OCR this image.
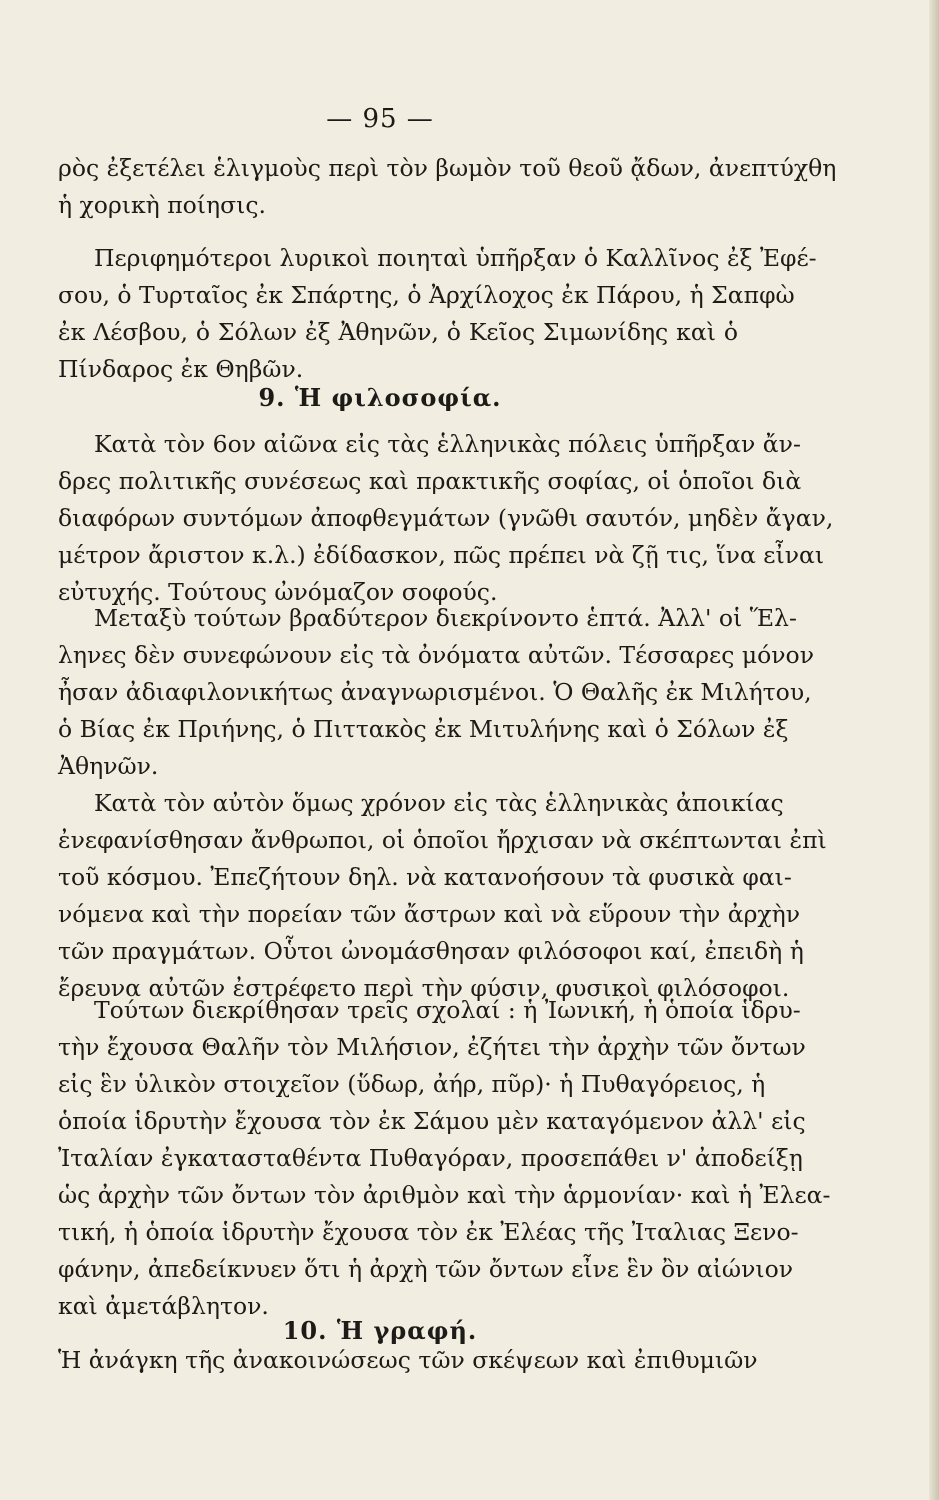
— 95 —
ρὸς ἐξετέλει ἑλιγμοὺς περὶ τὸν βωμὸν τοῦ θεοῦ ᾄδων, ἀνεπτύχθη
ἡ χορικὴ ποίησις.
Περιφημότεροι λυρικοὶ ποιηταὶ ὑπῆρξαν ὁ Καλλῖνος ἐξ Ἐφέ-
σου, ὁ Τυρταῖος ἐκ Σπάρτης, ὁ Ἀρχίλοχος ἐκ Πάρου, ἡ Σαπφὼ
ἐκ Λέσβου, ὁ Σόλων ἐξ Ἀθηνῶν, ὁ Κεῖος Σιμωνίδης καὶ ὁ
Πίνδαρος ἐκ Θηβῶν.
9. Ἡ φιλοσοφία.
Κατὰ τὸν 6ον αἰῶνα εἰς τὰς ἑλληνικὰς πόλεις ὑπῆρξαν ἄν-
δρες πολιτικῆς συνέσεως καὶ πρακτικῆς σοφίας, οἱ ὁποῖοι διὰ
διαφόρων συντόμων ἀποφθεγμάτων (γνῶθι σαυτόν, μηδὲν ἄγαν,
μέτρον ἄριστον κ.λ.) ἐδίδασκον, πῶς πρέπει νὰ ζῇ τις, ἵνα εἶναι
εὐτυχής. Τούτους ὠνόμαζον σοφούς.
Μεταξὺ τούτων βραδύτερον διεκρίνοντο ἑπτά. Ἀλλ' οἱ Ἕλ-
ληνες δὲν συνεφώνουν εἰς τὰ ὀνόματα αὐτῶν. Τέσσαρες μόνον
ἦσαν ἀδιαφιλονικήτως ἀναγνωρισμένοι. Ὁ Θαλῆς ἐκ Μιλήτου,
ὁ Βίας ἐκ Πριήνης, ὁ Πιττακὸς ἐκ Μιτυλήνης καὶ ὁ Σόλων ἐξ
Ἀθηνῶν.
Κατὰ τὸν αὐτὸν ὅμως χρόνον εἰς τὰς ἑλληνικὰς ἀποικίας
ἐνεφανίσθησαν ἄνθρωποι, οἱ ὁποῖοι ἤρχισαν νὰ σκέπτωνται ἐπὶ
τοῦ κόσμου. Ἐπεζήτουν δηλ. νὰ κατανοήσουν τὰ φυσικὰ φαι-
νόμενα καὶ τὴν πορείαν τῶν ἄστρων καὶ νὰ εὕρουν τὴν ἀρχὴν
τῶν πραγμάτων. Οὗτοι ὠνομάσθησαν φιλόσοφοι καί, ἐπειδὴ ἡ
ἔρευνα αὐτῶν ἐστρέφετο περὶ τὴν φύσιν, φυσικοὶ φιλόσοφοι.
Τούτων διεκρίθησαν τρεῖς σχολαί : ἡ Ἰωνική, ἡ ὁποία ἱδρυ-
τὴν ἔχουσα Θαλῆν τὸν Μιλήσιον, ἐζήτει τὴν ἀρχὴν τῶν ὄντων
εἰς ἓν ὑλικὸν στοιχεῖον (ὕδωρ, ἀήρ, πῦρ)· ἡ Πυθαγόρειος, ἡ
ὁποία ἱδρυτὴν ἔχουσα τὸν ἐκ Σάμου μὲν καταγόμενον ἀλλ' εἰς
Ἰταλίαν ἐγκατασταθέντα Πυθαγόραν, προσεπάθει ν' ἀποδείξῃ
ὡς ἀρχὴν τῶν ὄντων τὸν ἀριθμὸν καὶ τὴν ἁρμονίαν· καὶ ἡ Ἐλεα-
τική, ἡ ὁποία ἱδρυτὴν ἔχουσα τὸν ἐκ Ἐλέας τῆς Ἰταλιας Ξενο-
φάνην, ἀπεδείκνυεν ὅτι ἡ ἀρχὴ τῶν ὄντων εἶνε ἓν ὂν αἰώνιον
καὶ ἀμετάβλητον.
10. Ἡ γραφή.
Ἡ ἀνάγκη τῆς ἀνακοινώσεως τῶν σκέψεων καὶ ἐπιθυμιῶν
